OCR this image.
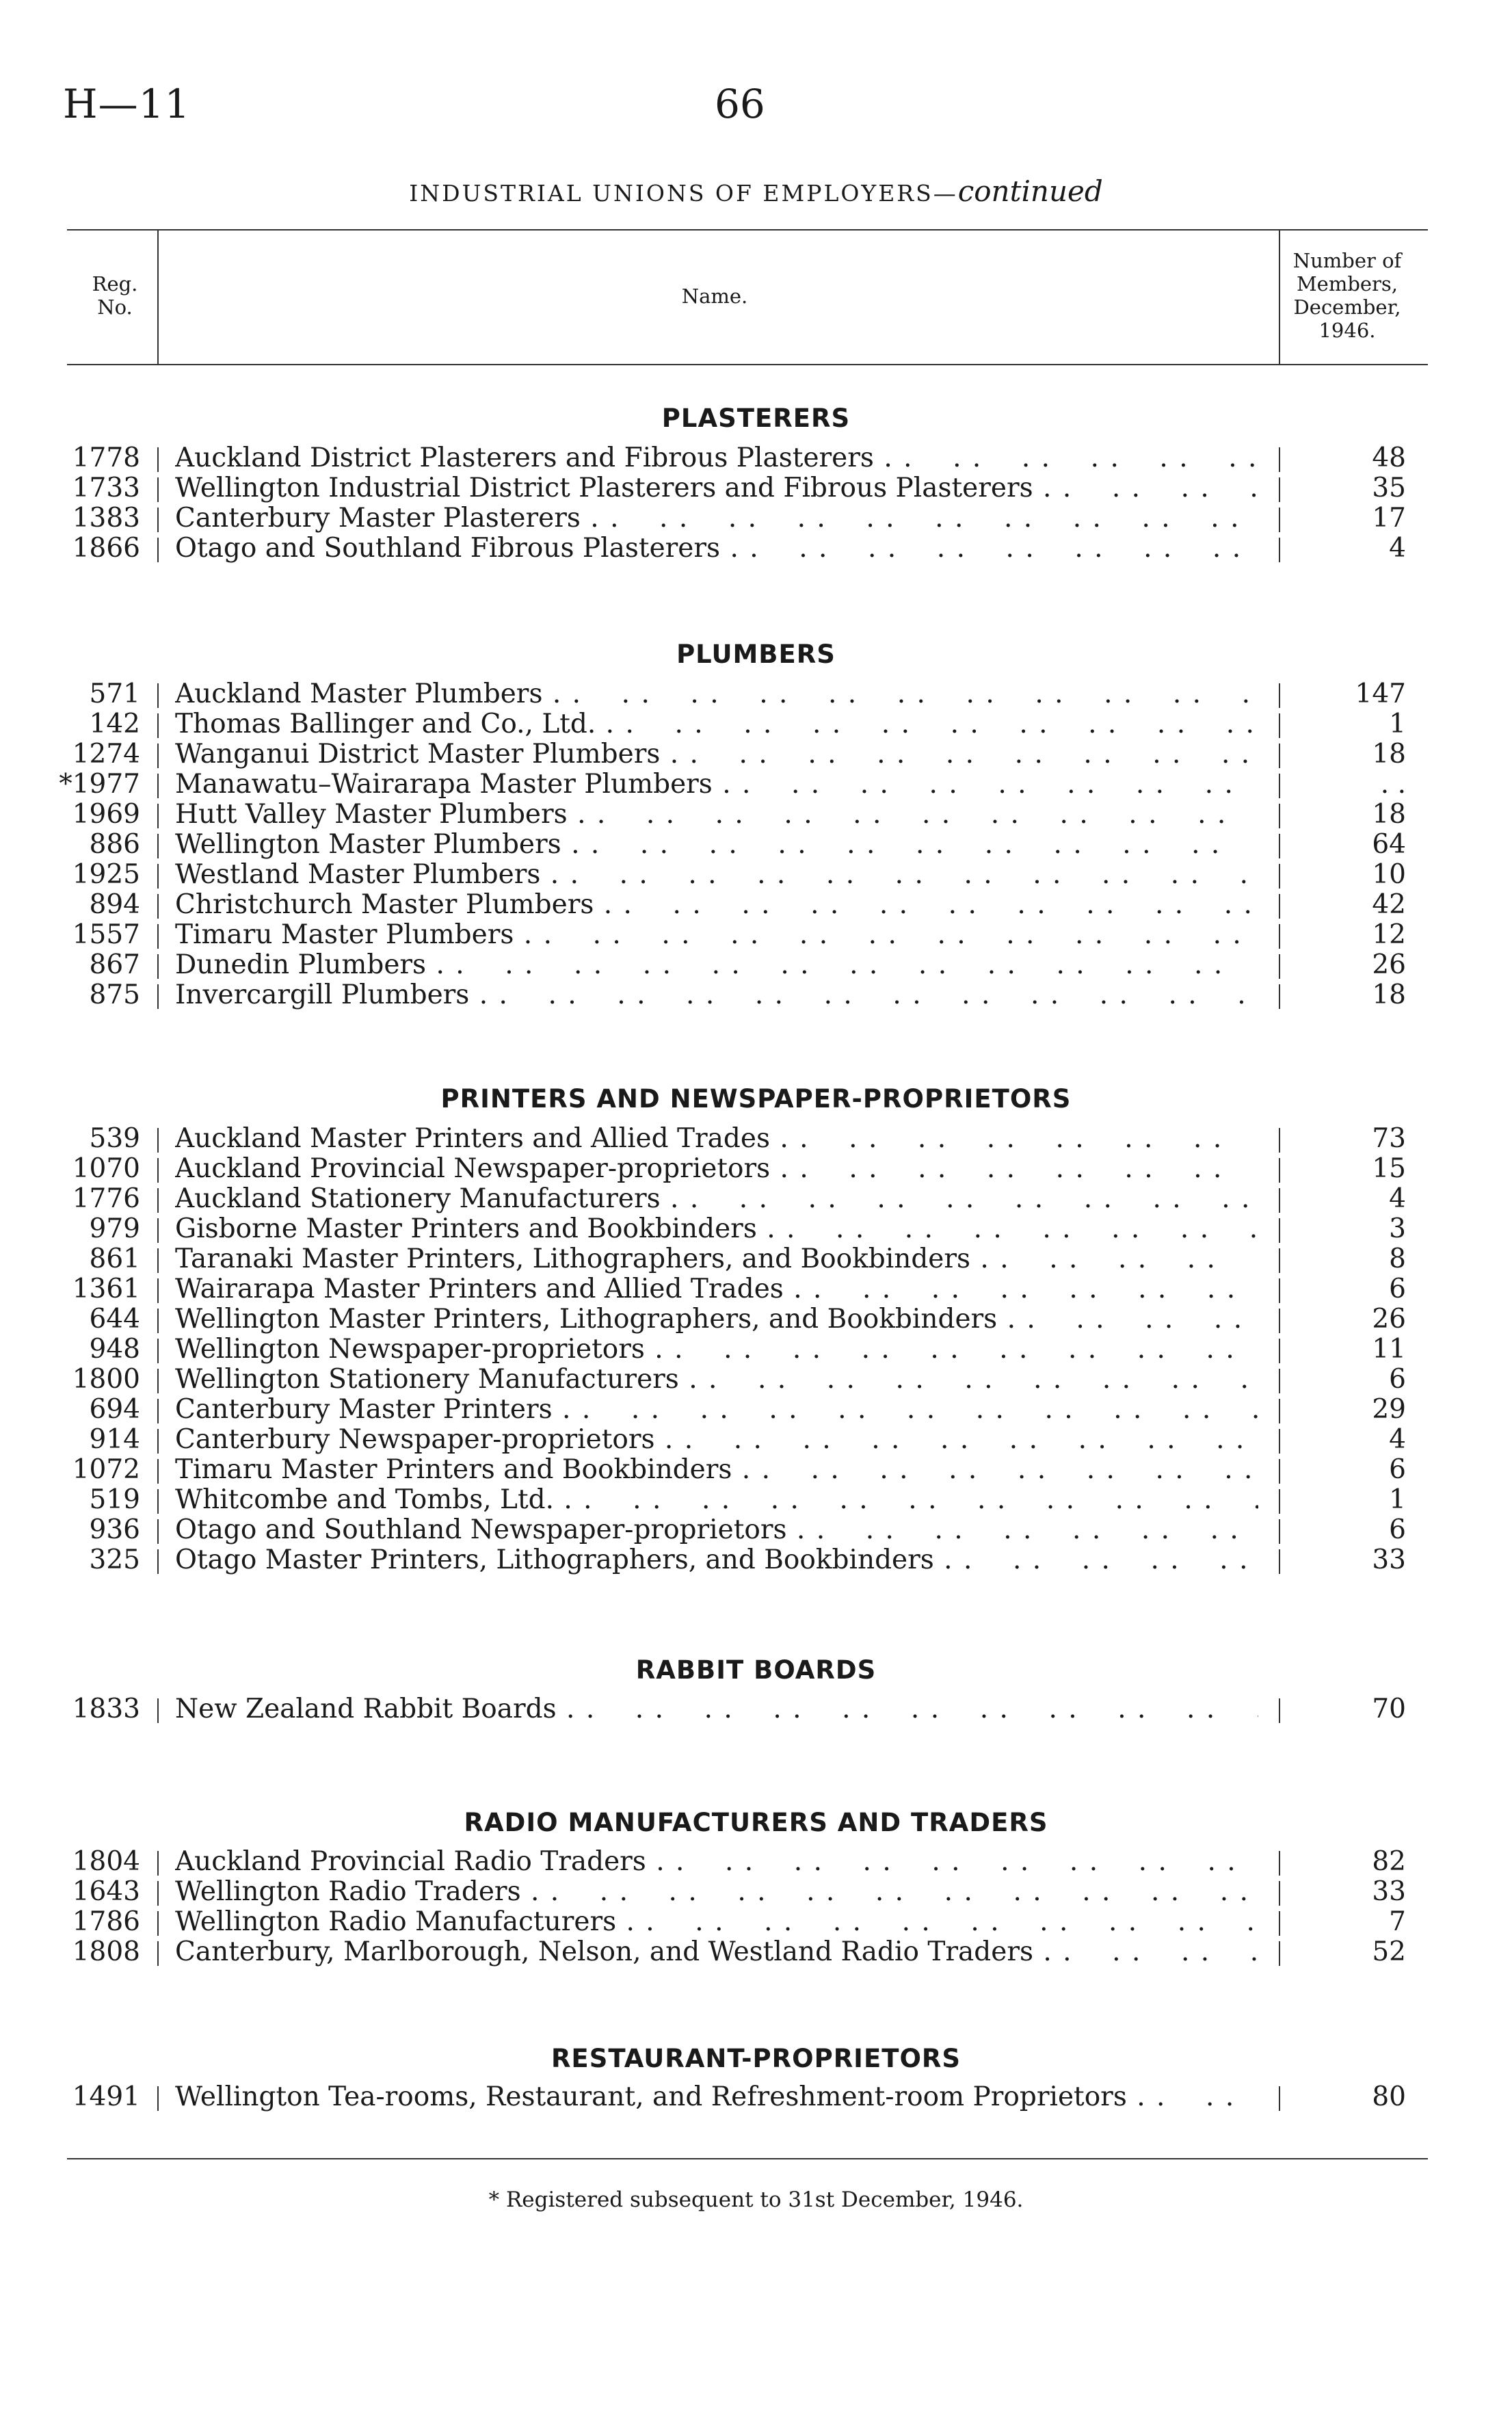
H—11	66
INDUSTRIAL UNIONS OF EMPLOYERS—continued
Reg.
No.	Name.
Number of
Members,
December,
1946.
PLASTERERS
1778 Auckland District Plasterers and Fibrous Plasterers . .	48
1733 Wellington Industrial District Plasterers and Fibrous Plasterers . .	35
1383 Canterbury Master Plasterers . .	17
1866 Otago and Southland Fibrous Plasterers . .	4
PLUMBERS
571 Auckland Master Plumbers . .	147
142 Thomas Ballinger and Co., Ltd. . .	1
1274 Wanganui District Master Plumbers . .	18
*1977 Manawatu–Wairarapa Master Plumbers . .	. .
1969 Hutt Valley Master Plumbers . .	18
886 Wellington Master Plumbers . .	64
1925 Westland Master Plumbers . .	10
894 Christchurch Master Plumbers . .	42
1557 Timaru Master Plumbers . .	12
867 Dunedin Plumbers . .	26
875 Invercargill Plumbers . .	18
PRINTERS AND NEWSPAPER-PROPRIETORS
539 Auckland Master Printers and Allied Trades . .	73
1070 Auckland Provincial Newspaper-proprietors . .	15
1776 Auckland Stationery Manufacturers . .	4
979 Gisborne Master Printers and Bookbinders . .	3
861 Taranaki Master Printers, Lithographers, and Bookbinders . .	8
1361 Wairarapa Master Printers and Allied Trades . .	6
644 Wellington Master Printers, Lithographers, and Bookbinders . .	26
948 Wellington Newspaper-proprietors . .	11
1800 Wellington Stationery Manufacturers . .	6
694 Canterbury Master Printers . .	29
914 Canterbury Newspaper-proprietors . .	4
1072 Timaru Master Printers and Bookbinders . .	6
519 Whitcombe and Tombs, Ltd. . .	1
936 Otago and Southland Newspaper-proprietors . .	6
325 Otago Master Printers, Lithographers, and Bookbinders . .	33
RABBIT BOARDS
1833 New Zealand Rabbit Boards . .	70
RADIO MANUFACTURERS AND TRADERS
1804 Auckland Provincial Radio Traders . .	82
1643 Wellington Radio Traders . .	33
1786 Wellington Radio Manufacturers . .	7
1808 Canterbury, Marlborough, Nelson, and Westland Radio Traders . .	52
RESTAURANT-PROPRIETORS
1491 Wellington Tea-rooms, Restaurant, and Refreshment-room Proprietors . .	80
* Registered subsequent to 31st December, 1946.
